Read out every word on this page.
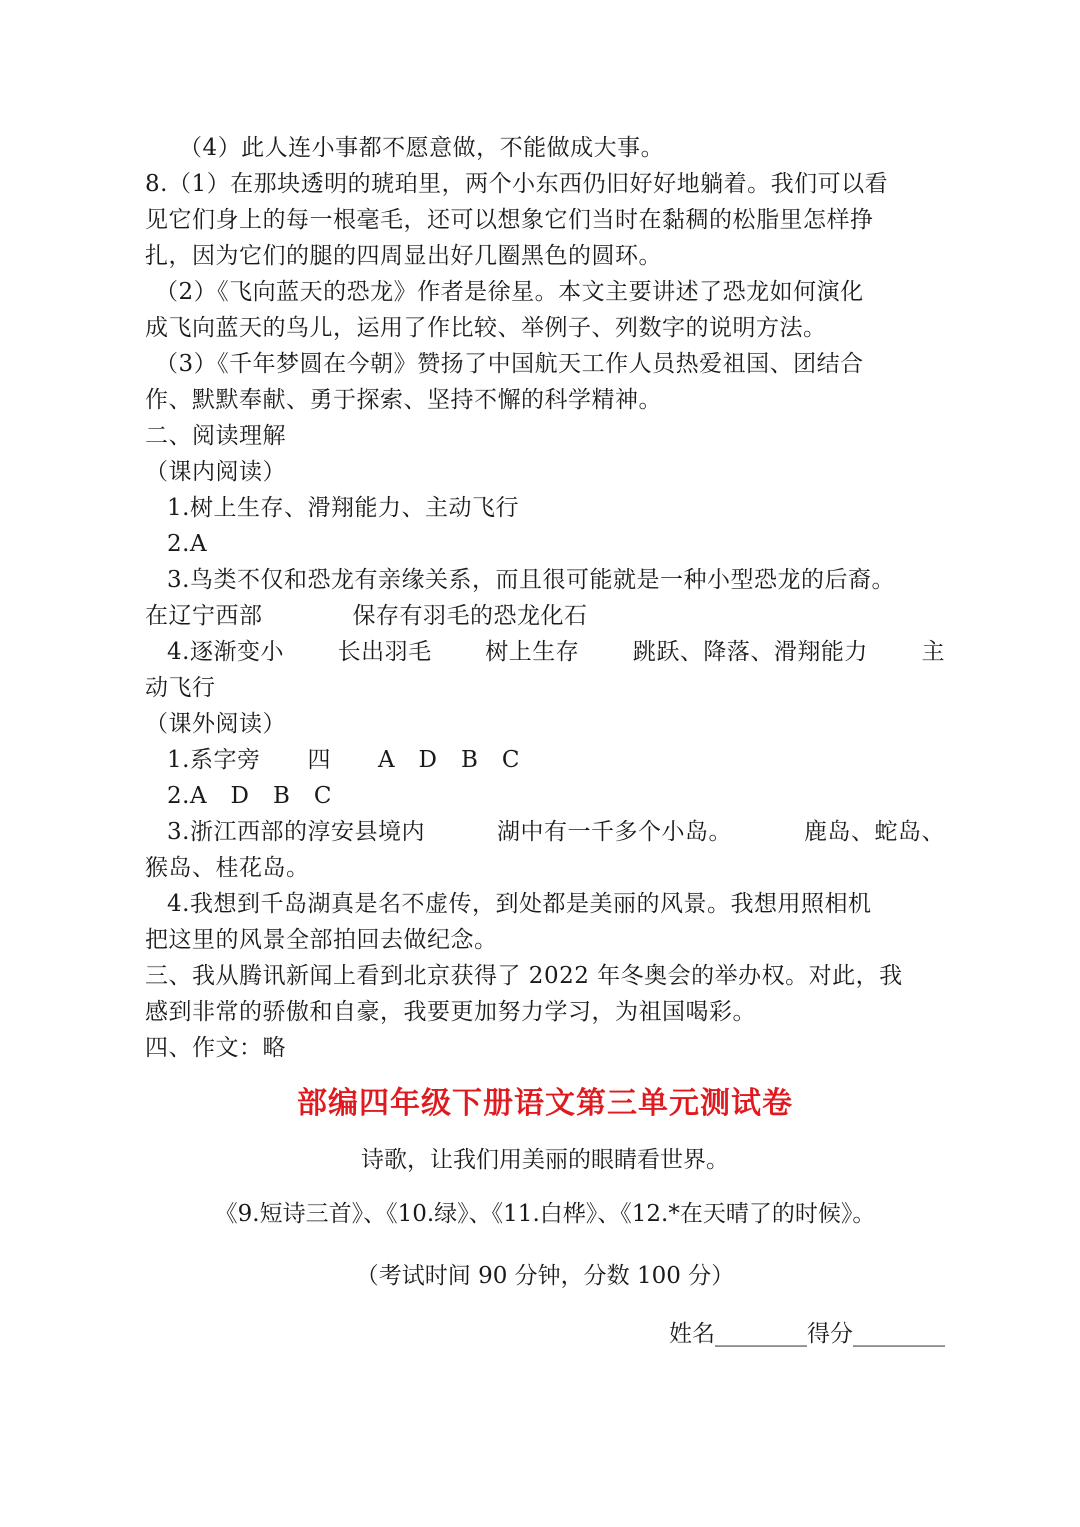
（4）此人连小事都不愿意做，不能做成大事。
8.（1）在那块透明的琥珀里，两个小东西仍旧好好地躺着。我们可以看
见它们身上的每一根毫毛，还可以想象它们当时在黏稠的松脂里怎样挣
扎，因为它们的腿的四周显出好几圈黑色的圆环。
（2）《飞向蓝天的恐龙》作者是徐星。本文主要讲述了恐龙如何演化
成飞向蓝天的鸟儿，运用了作比较、举例子、列数字的说明方法。
（3）《千年梦圆在今朝》赞扬了中国航天工作人员热爱祖国、团结合
作、默默奉献、勇于探索、坚持不懈的科学精神。
二、阅读理解
（课内阅读）
1.树上生存、滑翔能力、主动飞行
2.A
3.鸟类不仅和恐龙有亲缘关系，而且很可能就是一种小型恐龙的后裔。
在辽宁西部	保存有羽毛的恐龙化石
4.逐渐变小 长出羽毛 树上生存 跳跃、降落、滑翔能力 主
动飞行
（课外阅读）
1.系字旁　　四　　A　D　B　C
2.A　D　B　C
3.浙江西部的淳安县境内	湖中有一千多个小岛。	鹿岛、蛇岛、
猴岛、桂花岛。
4.我想到千岛湖真是名不虚传，到处都是美丽的风景。我想用照相机
把这里的风景全部拍回去做纪念。
三、我从腾讯新闻上看到北京获得了 2022 年冬奥会的举办权。对此，我
感到非常的骄傲和自豪，我要更加努力学习，为祖国喝彩。
四、作文：略
部编四年级下册语文第三单元测试卷
诗歌，让我们用美丽的眼睛看世界。
《9.短诗三首》、《10.绿》、《11.白桦》、《12.*在天晴了的时候》。
（考试时间 90 分钟，分数 100 分）
姓名________得分________
